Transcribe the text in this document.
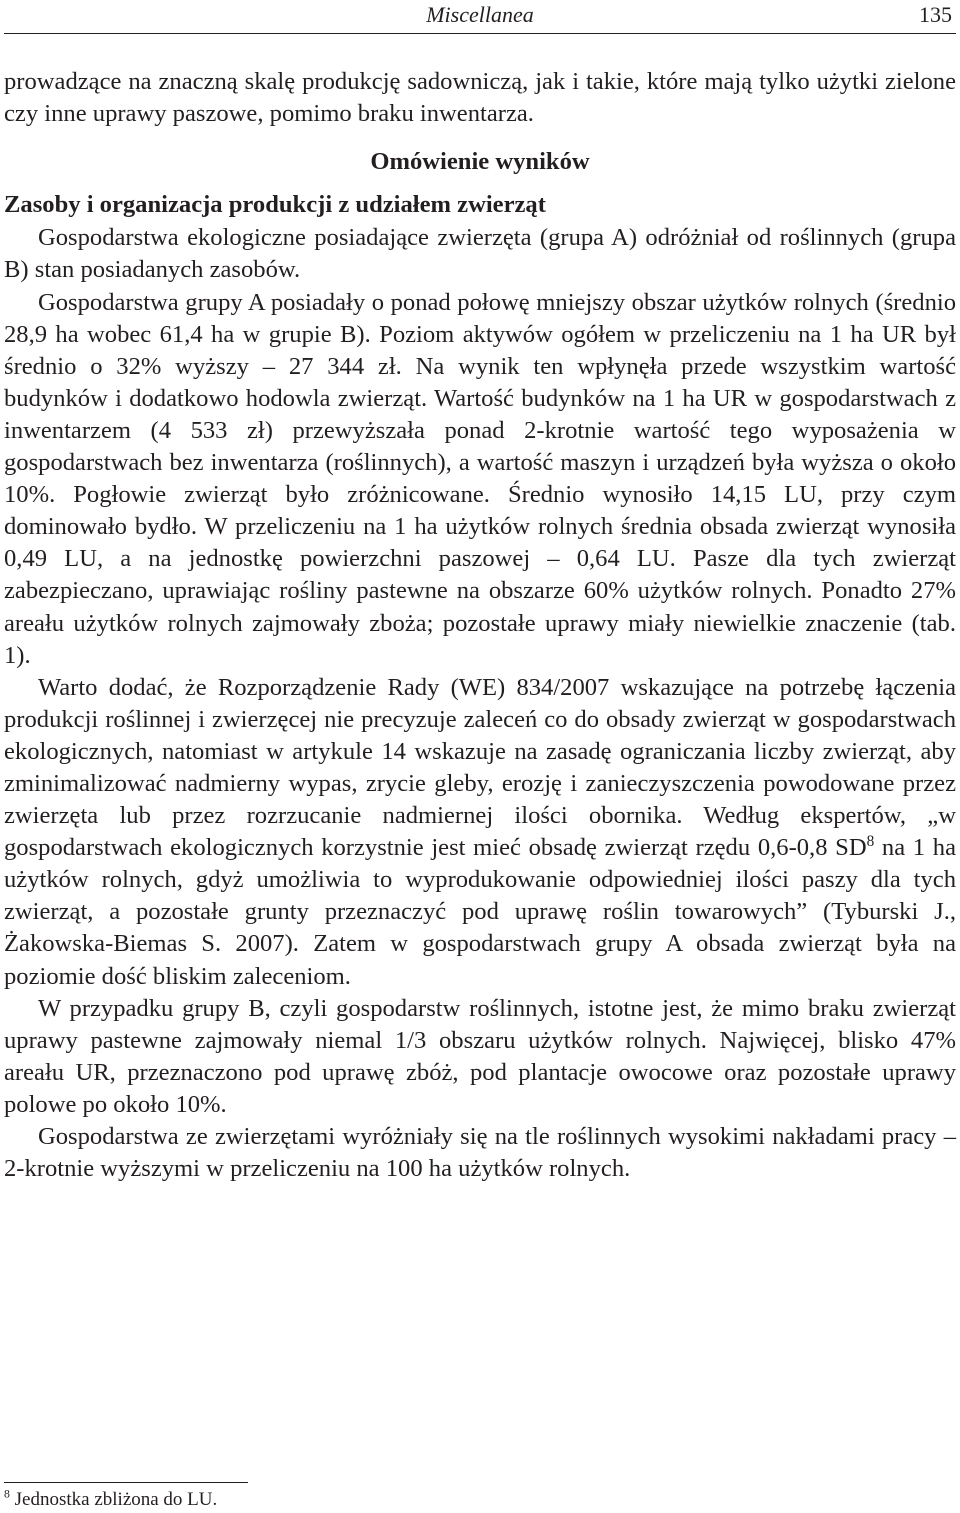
Miscellanea	135

prowadzące na znaczną skalę produkcję sadowniczą, jak i takie, które mają tylko użytki zielone czy inne uprawy paszowe, pomimo braku inwentarza.

Omówienie wyników
Zasoby i organizacja produkcji z udziałem zwierząt

Gospodarstwa ekologiczne posiadające zwierzęta (grupa A) odróżniał od roślinnych (grupa B) stan posiadanych zasobów.

Gospodarstwa grupy A posiadały o ponad połowę mniejszy obszar użytków rolnych (średnio 28,9 ha wobec 61,4 ha w grupie B). Poziom aktywów ogółem w przeliczeniu na 1 ha UR był średnio o 32% wyższy – 27 344 zł. Na wynik ten wpłynęła przede wszystkim wartość budynków i dodatkowo hodowla zwierząt. Wartość budynków na 1 ha UR w gospodarstwach z inwentarzem (4 533 zł) przewyższała ponad 2-krotnie wartość tego wyposażenia w gospodarstwach bez inwentarza (roślinnych), a wartość maszyn i urządzeń była wyższa o około 10%. Pogłowie zwierząt było zróżnicowane. Średnio wynosiło 14,15 LU, przy czym dominowało bydło. W przeliczeniu na 1 ha użytków rolnych średnia obsada zwierząt wynosiła 0,49 LU, a na jednostkę powierzchni paszowej – 0,64 LU. Pasze dla tych zwierząt zabezpieczano, uprawiając rośliny pastewne na obszarze 60% użytków rolnych. Ponadto 27% areału użytków rolnych zajmowały zboża; pozostałe uprawy miały niewielkie znaczenie (tab. 1).

Warto dodać, że Rozporządzenie Rady (WE) 834/2007 wskazujące na potrzebę łączenia produkcji roślinnej i zwierzęcej nie precyzuje zaleceń co do obsady zwierząt w gospodarstwach ekologicznych, natomiast w artykule 14 wskazuje na zasadę ograniczania liczby zwierząt, aby zminimalizować nadmierny wypas, zrycie gleby, erozję i zanieczyszczenia powodowane przez zwierzęta lub przez rozrzucanie nadmiernej ilości obornika. Według ekspertów, „w gospodarstwach ekologicznych korzystnie jest mieć obsadę zwierząt rzędu 0,6-0,8 $SD^8$ na 1 ha użytków rolnych, gdyż umożliwia to wyprodukowanie odpowiedniej ilości paszy dla tych zwierząt, a pozostałe grunty przeznaczyć pod uprawę roślin towarowych” (Tyburski J., Żakowska-Biemas S. 2007). Zatem w gospodarstwach grupy A obsada zwierząt była na poziomie dość bliskim zaleceniom.

W przypadku grupy B, czyli gospodarstw roślinnych, istotne jest, że mimo braku zwierząt uprawy pastewne zajmowały niemal 1/3 obszaru użytków rolnych. Najwięcej, blisko 47% areału UR, przeznaczono pod uprawę zbóż, pod plantacje owocowe oraz pozostałe uprawy polowe po około 10%.

Gospodarstwa ze zwierzętami wyróżniały się na tle roślinnych wysokimi nakładami pracy – 2-krotnie wyższymi w przeliczeniu na 100 ha użytków rolnych.

$^8$ Jednostka zbliżona do LU.
